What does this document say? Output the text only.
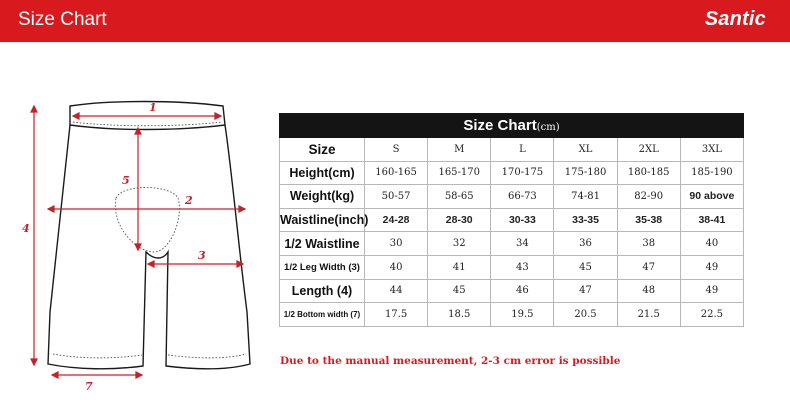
Size Chart	Santic
1
2
3
4
5
7
Size Chart(cm)						
Size	S	M	L	XL	2XL	3XL
Height(cm)	160-165	165-170	170-175	175-180	180-185	185-190
Weight(kg)	50-57	58-65	66-73	74-81	82-90	90 above
Waistline(inch)	24-28	28-30	30-33	33-35	35-38	38-41
1/2 Waistline	30	32	34	36	38	40
1/2 Leg Width (3)	40	41	43	45	47	49
Length (4)	44	45	46	47	48	49
1/2 Bottom width (7)	17.5	18.5	19.5	20.5	21.5	22.5
Due to the manual measurement, 2-3 cm error is possible
